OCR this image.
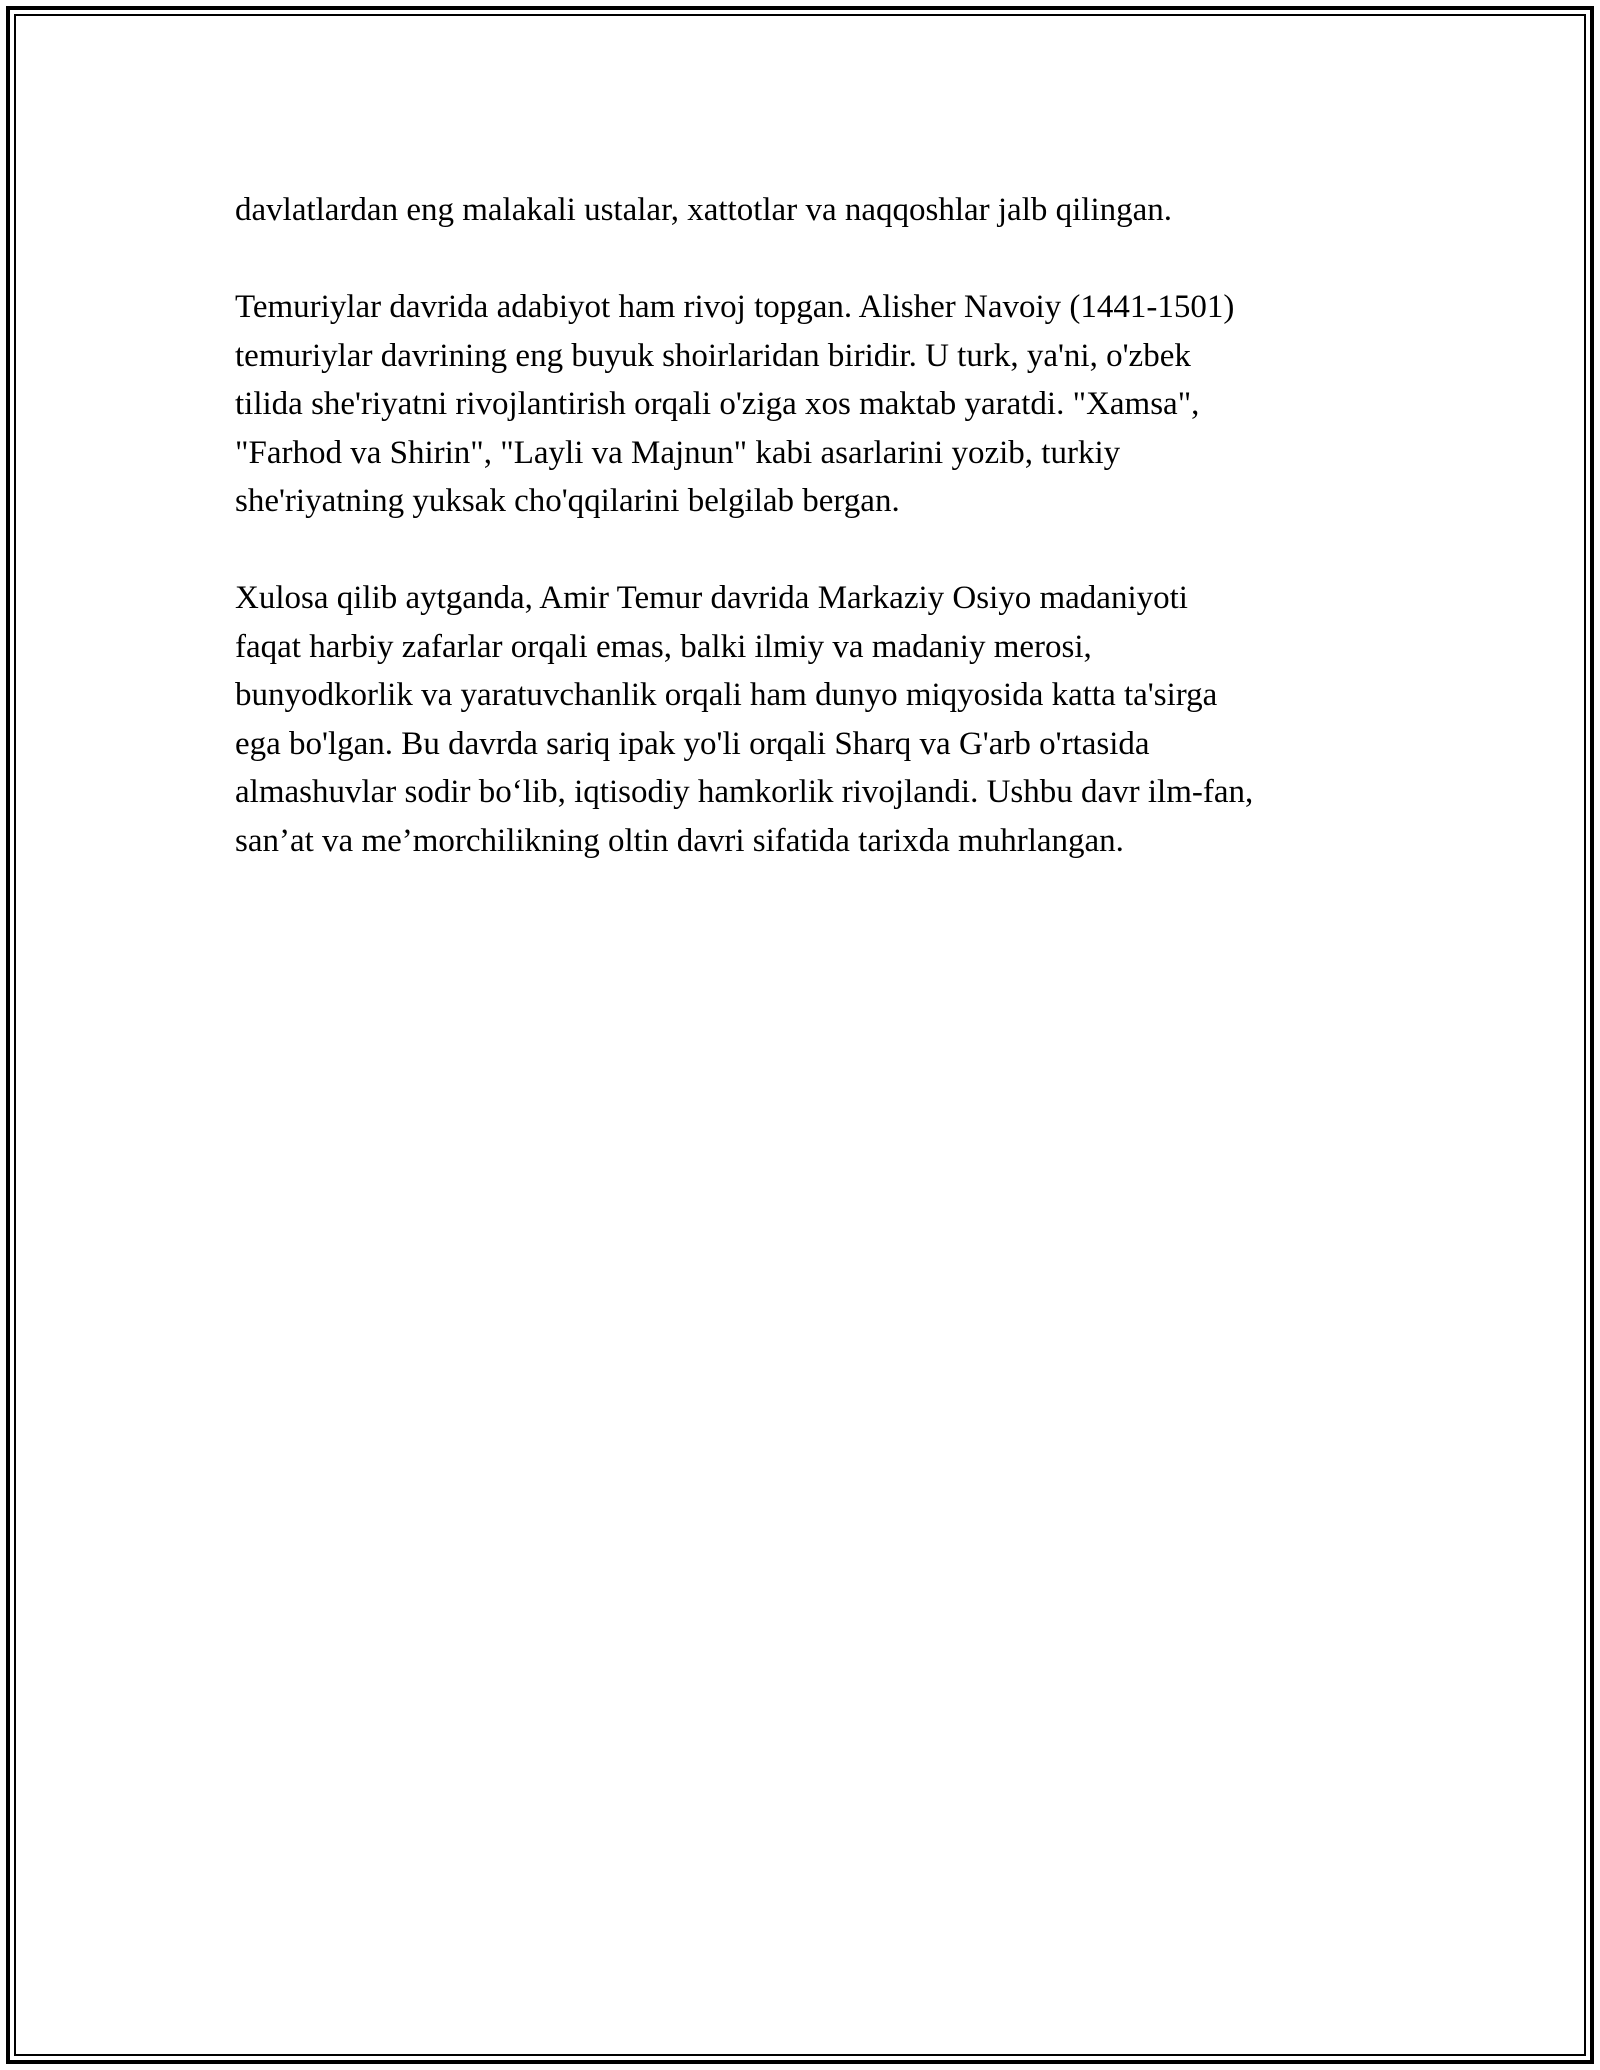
davlatlardan eng malakali ustalar, xattotlar va naqqoshlar jalb qilingan.

Temuriylar davrida adabiyot ham rivoj topgan. Alisher Navoiy (1441-1501)
temuriylar davrining eng buyuk shoirlaridan biridir. U turk, ya'ni, o'zbek
tilida she'riyatni rivojlantirish orqali o'ziga xos maktab yaratdi. "Xamsa",
"Farhod va Shirin", "Layli va Majnun" kabi asarlarini yozib, turkiy
she'riyatning yuksak cho'qqilarini belgilab bergan.

Xulosa qilib aytganda, Amir Temur davrida Markaziy Osiyo madaniyoti
faqat harbiy zafarlar orqali emas, balki ilmiy va madaniy merosi,
bunyodkorlik va yaratuvchanlik orqali ham dunyo miqyosida katta ta'sirga
ega bo'lgan. Bu davrda sariq ipak yo'li orqali Sharq va G'arb o'rtasida
almashuvlar sodir bo‘lib, iqtisodiy hamkorlik rivojlandi. Ushbu davr ilm-fan,
san’at va me’morchilikning oltin davri sifatida tarixda muhrlangan.
